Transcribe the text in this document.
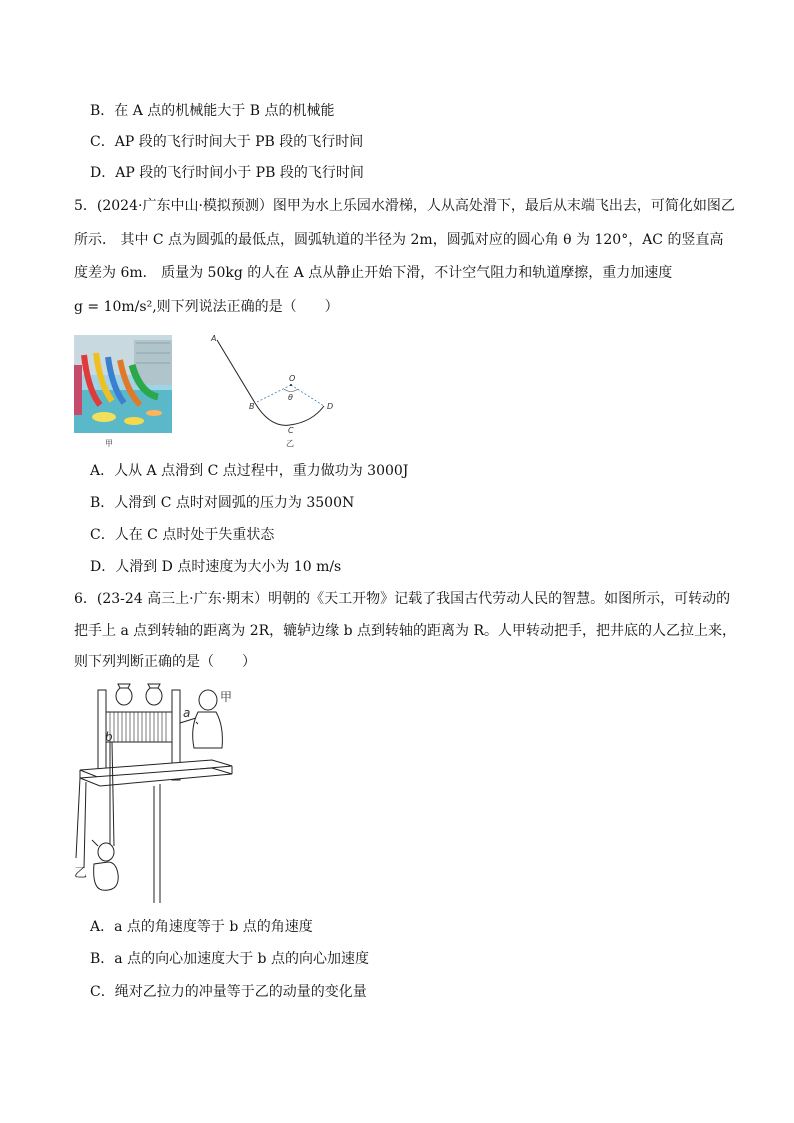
B．在 A 点的机械能大于 B 点的机械能
C．AP 段的飞行时间大于 PB 段的飞行时间
D．AP 段的飞行时间小于 PB 段的飞行时间
5．(2024·广东中山·模拟预测）图甲为水上乐园水滑梯，人从高处滑下，最后从末端飞出去，可简化如图乙
所示． 其中 C 点为圆弧的最低点，圆弧轨道的半径为 2m，圆弧对应的圆心角 θ 为 120°，AC 的竖直高
度差为 6m． 质量为 50kg 的人在 A 点从静止开始下滑，不计空气阻力和轨道摩擦，重力加速度
g = 10m/s²,则下列说法正确的是（　　）
甲
A
B
C
D
O
θ
乙
A．人从 A 点滑到 C 点过程中，重力做功为 3000J
B．人滑到 C 点时对圆弧的压力为 3500N
C．人在 C 点时处于失重状态
D．人滑到 D 点时速度为大小为 10 m/s
6．(23-24 高三上·广东·期末）明朝的《天工开物》记载了我国古代劳动人民的智慧。如图所示，可转动的
把手上 a 点到转轴的距离为 2R，辘轳边缘 b 点到转轴的距离为 R。人甲转动把手，把井底的人乙拉上来，
则下列判断正确的是（　　）
甲
乙
a
b
A．a 点的角速度等于 b 点的角速度
B．a 点的向心加速度大于 b 点的向心加速度
C．绳对乙拉力的冲量等于乙的动量的变化量
